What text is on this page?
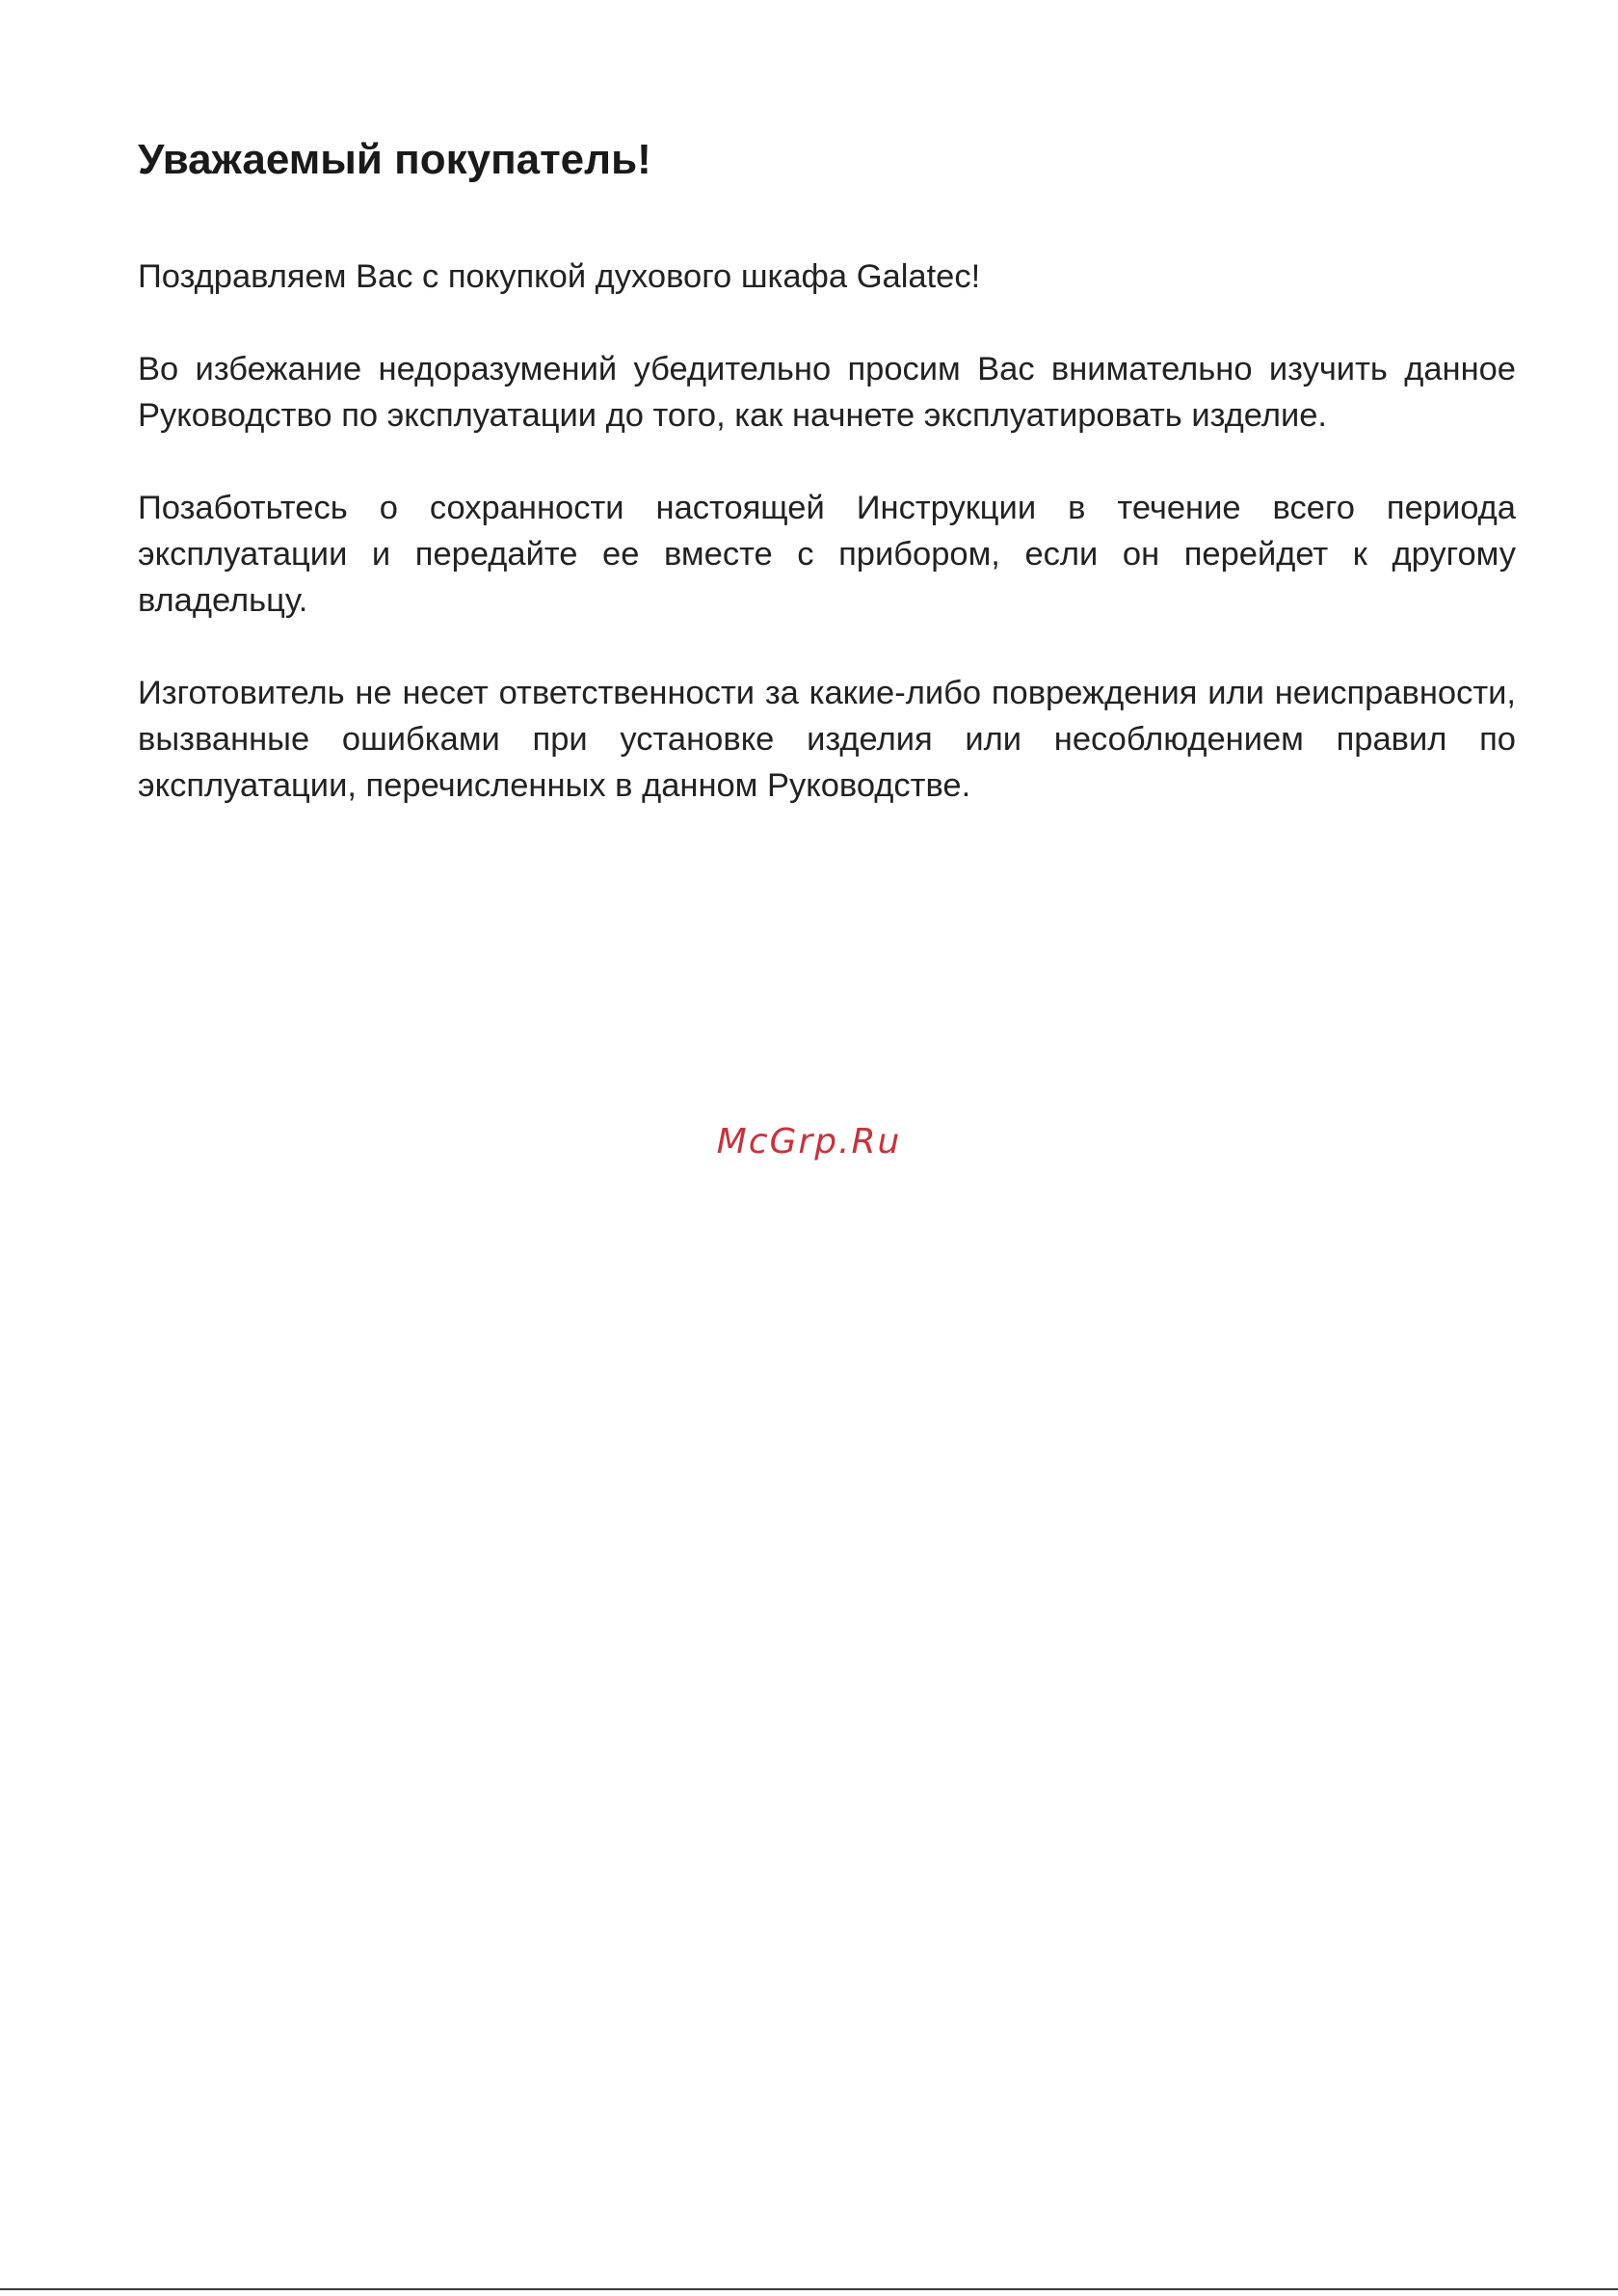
Уважаемый покупатель!

Поздравляем Вас с покупкой духового шкафа Galatec!

Во избежание недоразумений убедительно просим Вас внимательно изучить данное Руководство по эксплуатации до того, как начнете эксплуатировать изделие.

Позаботьтесь о сохранности настоящей Инструкции в течение всего периода эксплуатации и передайте ее вместе с прибором, если он перейдет к другому владельцу.

Изготовитель не несет ответственности за какие-либо повреждения или неисправности, вызванные ошибками при установке изделия или несоблюдением правил по эксплуатации, перечисленных в данном Руководстве.

McGrp.Ru
